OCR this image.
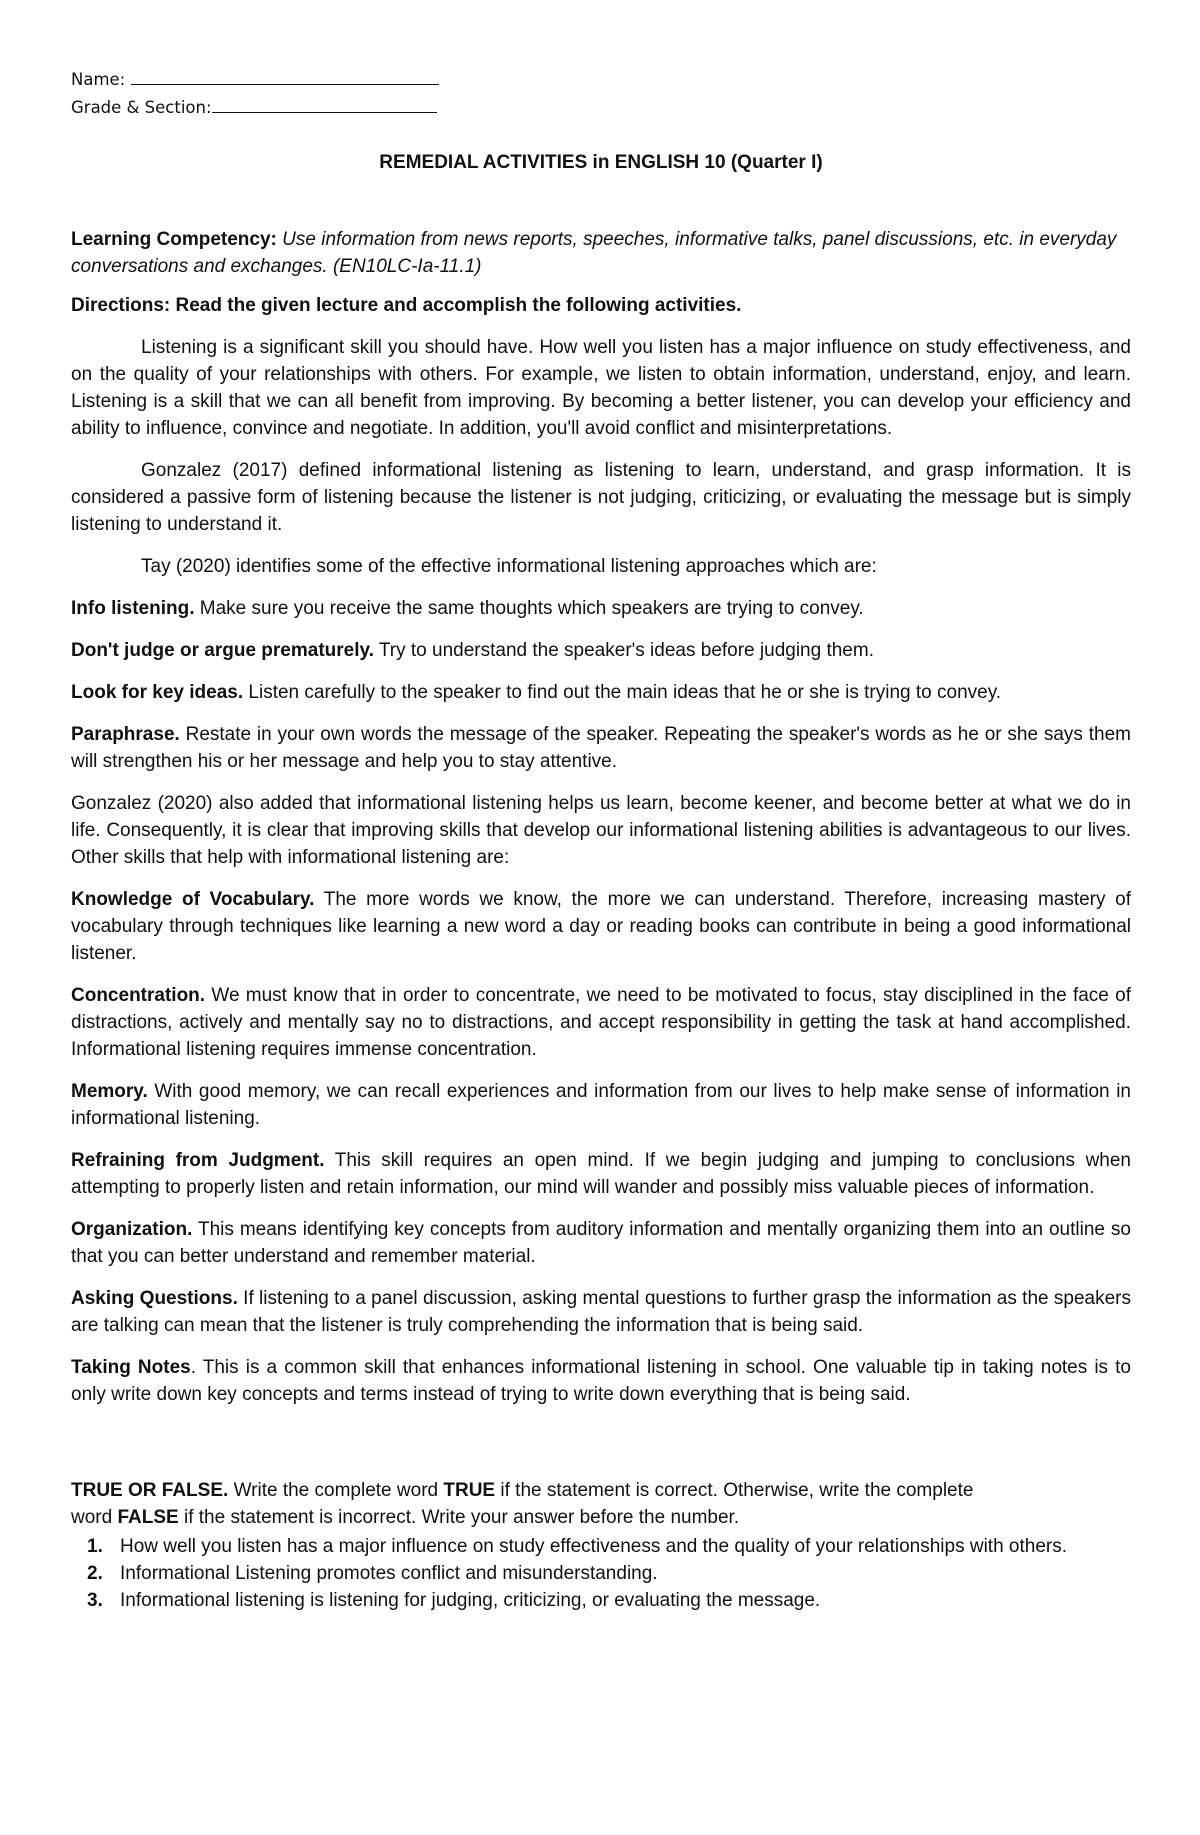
Name:
Grade & Section:
REMEDIAL ACTIVITIES in ENGLISH 10 (Quarter I)

Learning Competency: Use information from news reports, speeches, informative talks, panel discussions, etc. in everyday conversations and exchanges. (EN10LC-Ia-11.1)

Directions: Read the given lecture and accomplish the following activities.

Listening is a significant skill you should have. How well you listen has a major influence on study effectiveness, and on the quality of your relationships with others. For example, we listen to obtain information, understand, enjoy, and learn. Listening is a skill that we can all benefit from improving. By becoming a better listener, you can develop your efficiency and ability to influence, convince and negotiate. In addition, you'll avoid conflict and misinterpretations.

Gonzalez (2017) defined informational listening as listening to learn, understand, and grasp information. It is considered a passive form of listening because the listener is not judging, criticizing, or evaluating the message but is simply listening to understand it.

Tay (2020) identifies some of the effective informational listening approaches which are:

Info listening. Make sure you receive the same thoughts which speakers are trying to convey.

Don't judge or argue prematurely. Try to understand the speaker's ideas before judging them.

Look for key ideas. Listen carefully to the speaker to find out the main ideas that he or she is trying to convey.

Paraphrase. Restate in your own words the message of the speaker. Repeating the speaker's words as he or she says them will strengthen his or her message and help you to stay attentive.

Gonzalez (2020) also added that informational listening helps us learn, become keener, and become better at what we do in life. Consequently, it is clear that improving skills that develop our informational listening abilities is advantageous to our lives. Other skills that help with informational listening are:

Knowledge of Vocabulary. The more words we know, the more we can understand. Therefore, increasing mastery of vocabulary through techniques like learning a new word a day or reading books can contribute in being a good informational listener.

Concentration. We must know that in order to concentrate, we need to be motivated to focus, stay disciplined in the face of distractions, actively and mentally say no to distractions, and accept responsibility in getting the task at hand accomplished. Informational listening requires immense concentration.

Memory. With good memory, we can recall experiences and information from our lives to help make sense of information in informational listening.

Refraining from Judgment. This skill requires an open mind. If we begin judging and jumping to conclusions when attempting to properly listen and retain information, our mind will wander and possibly miss valuable pieces of information.

Organization. This means identifying key concepts from auditory information and mentally organizing them into an outline so that you can better understand and remember material.

Asking Questions. If listening to a panel discussion, asking mental questions to further grasp the information as the speakers are talking can mean that the listener is truly comprehending the information that is being said.

Taking Notes. This is a common skill that enhances informational listening in school. One valuable tip in taking notes is to only write down key concepts and terms instead of trying to write down everything that is being said.

TRUE OR FALSE. Write the complete word TRUE if the statement is correct. Otherwise, write the complete word FALSE if the statement is incorrect. Write your answer before the number.

1. How well you listen has a major influence on study effectiveness and the quality of your relationships with others.
2. Informational Listening promotes conflict and misunderstanding.
3. Informational listening is listening for judging, criticizing, or evaluating the message.
